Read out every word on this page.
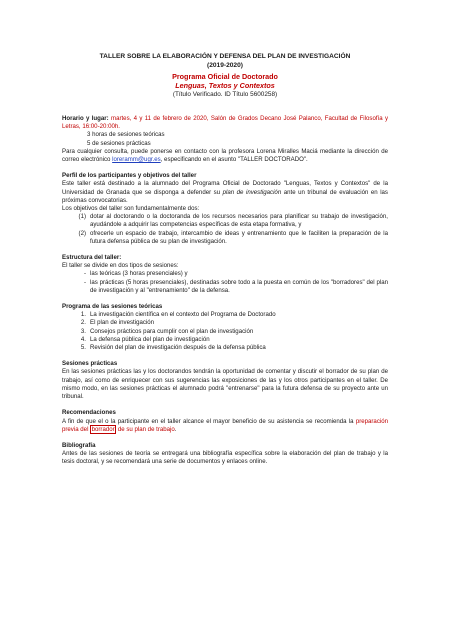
TALLER SOBRE LA ELABORACIÓN Y DEFENSA DEL PLAN DE INVESTIGACIÓN
(2019-2020)
Programa Oficial de Doctorado
Lenguas, Textos y Contextos
(Título Verificado. ID Título 5600258)
Horario y lugar: martes, 4 y 11 de febrero de 2020, Salón de Grados Decano José Palanco, Facultad de Filosofía y Letras, 16:00-20:00h.
3 horas de sesiones teóricas
5 de sesiones prácticas
Para cualquier consulta, puede ponerse en contacto con la profesora Lorena Miralles Maciá mediante la dirección de correo electrónico loreramm@ugr.es, especificando en el asunto "TALLER DOCTORADO".
Perfil de los participantes y objetivos del taller
Este taller está destinado a la alumnado del Programa Oficial de Doctorado "Lenguas, Textos y Contextos" de la Universidad de Granada que se disponga a defender su plan de investigación ante un tribunal de evaluación en las próximas convocatorias.
Los objetivos del taller son fundamentalmente dos:
(1) dotar al doctorando o la doctoranda de los recursos necesarios para planificar su trabajo de investigación, ayudándole a adquirir las competencias específicas de esta etapa formativa, y
(2) ofrecerle un espacio de trabajo, intercambio de ideas y entrenamiento que le faciliten la preparación de la futura defensa pública de su plan de investigación.
Estructura del taller:
El taller se divide en dos tipos de sesiones:
- las teóricas (3 horas presenciales) y
- las prácticas (5 horas presenciales), destinadas sobre todo a la puesta en común de los "borradores" del plan de investigación y al "entrenamiento" de la defensa.
Programa de las sesiones teóricas
1. La investigación científica en el contexto del Programa de Doctorado
2. El plan de investigación
3. Consejos prácticos para cumplir con el plan de investigación
4. La defensa pública del plan de investigación
5. Revisión del plan de investigación después de la defensa pública
Sesiones prácticas
En las sesiones prácticas las y los doctorandos tendrán la oportunidad de comentar y discutir el borrador de su plan de trabajo, así como de enriquecer con sus sugerencias las exposiciones de las y los otros participantes en el taller. De mismo modo, en las sesiones prácticas el alumnado podrá "entrenarse" para la futura defensa de su proyecto ante un tribunal.
Recomendaciones
A fin de que el o la participante en el taller alcance el mayor beneficio de su asistencia se recomienda la preparación previa del borrador de su plan de trabajo.
Bibliografía
Antes de las sesiones de teoría se entregará una bibliografía específica sobre la elaboración del plan de trabajo y la tesis doctoral, y se recomendará una serie de documentos y enlaces online.
